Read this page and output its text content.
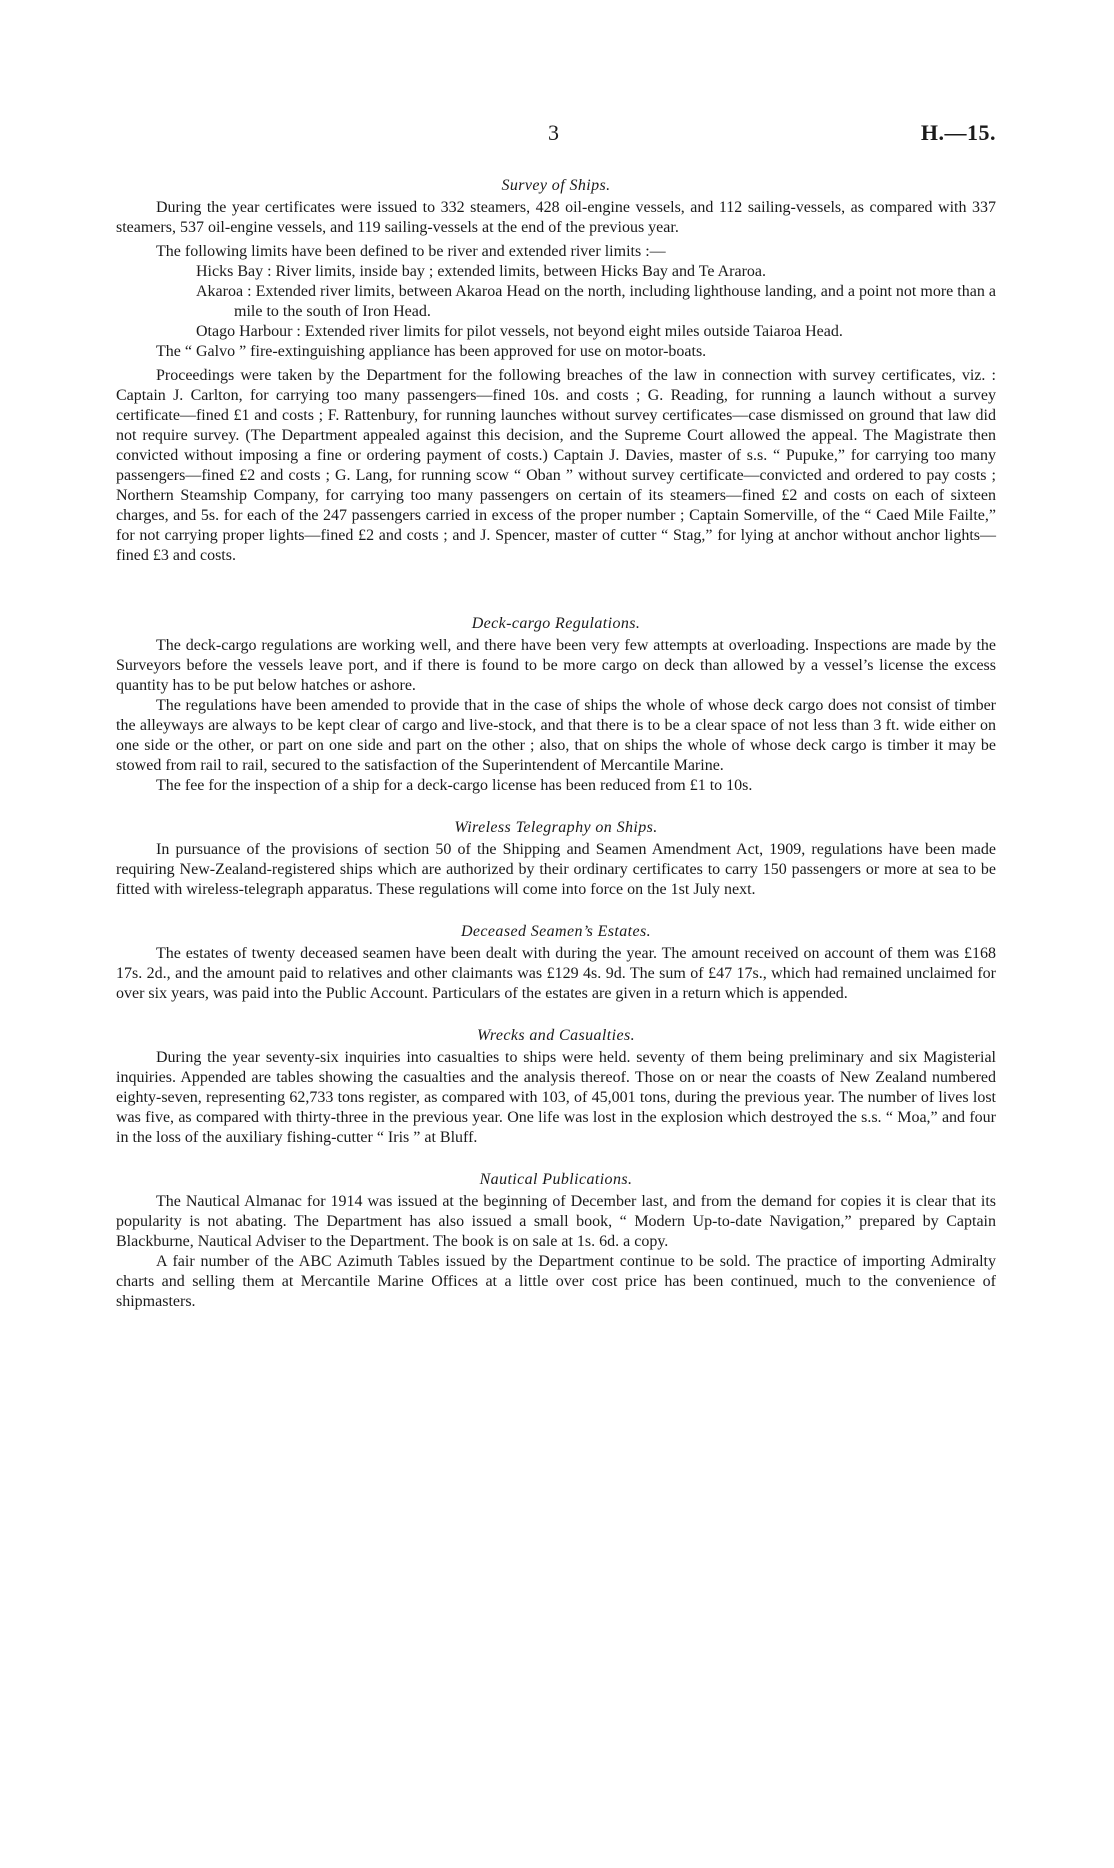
3	H.—15.
Survey of Ships.

During the year certificates were issued to 332 steamers, 428 oil-engine vessels, and 112 sailing-vessels, as compared with 337 steamers, 537 oil-engine vessels, and 119 sailing-vessels at the end of the previous year.

The following limits have been defined to be river and extended river limits :—

Hicks Bay : River limits, inside bay ; extended limits, between Hicks Bay and Te Araroa.
Akaroa : Extended river limits, between Akaroa Head on the north, including lighthouse landing, and a point not more than a mile to the south of Iron Head.
Otago Harbour : Extended river limits for pilot vessels, not beyond eight miles outside Taiaroa Head.

The “ Galvo ” fire-extinguishing appliance has been approved for use on motor-boats.

Proceedings were taken by the Department for the following breaches of the law in connection with survey certificates, viz. : Captain J. Carlton, for carrying too many passengers—fined 10s. and costs ; G. Reading, for running a launch without a survey certificate—fined £1 and costs ; F. Rattenbury, for running launches without survey certificates—case dismissed on ground that law did not require survey. (The Department appealed against this decision, and the Supreme Court allowed the appeal. The Magistrate then convicted without imposing a fine or ordering payment of costs.) Captain J. Davies, master of s.s. “ Pupuke,” for carrying too many passengers—fined £2 and costs ; G. Lang, for running scow “ Oban ” without survey certificate—convicted and ordered to pay costs ; Northern Steamship Company, for carrying too many passengers on certain of its steamers—fined £2 and costs on each of sixteen charges, and 5s. for each of the 247 passengers carried in excess of the proper number ; Captain Somerville, of the “ Caed Mile Failte,” for not carrying proper lights—fined £2 and costs ; and J. Spencer, master of cutter “ Stag,” for lying at anchor without anchor lights—fined £3 and costs.

Deck-cargo Regulations.

The deck-cargo regulations are working well, and there have been very few attempts at overloading. Inspections are made by the Surveyors before the vessels leave port, and if there is found to be more cargo on deck than allowed by a vessel’s license the excess quantity has to be put below hatches or ashore.

The regulations have been amended to provide that in the case of ships the whole of whose deck cargo does not consist of timber the alleyways are always to be kept clear of cargo and live-stock, and that there is to be a clear space of not less than 3 ft. wide either on one side or the other, or part on one side and part on the other ; also, that on ships the whole of whose deck cargo is timber it may be stowed from rail to rail, secured to the satisfaction of the Superintendent of Mercantile Marine.

The fee for the inspection of a ship for a deck-cargo license has been reduced from £1 to 10s.

Wireless Telegraphy on Ships.

In pursuance of the provisions of section 50 of the Shipping and Seamen Amendment Act, 1909, regulations have been made requiring New-Zealand-registered ships which are authorized by their ordinary certificates to carry 150 passengers or more at sea to be fitted with wireless-telegraph apparatus. These regulations will come into force on the 1st July next.

Deceased Seamen’s Estates.

The estates of twenty deceased seamen have been dealt with during the year. The amount received on account of them was £168 17s. 2d., and the amount paid to relatives and other claimants was £129 4s. 9d. The sum of £47 17s., which had remained unclaimed for over six years, was paid into the Public Account. Particulars of the estates are given in a return which is appended.

Wrecks and Casualties.

During the year seventy-six inquiries into casualties to ships were held. seventy of them being preliminary and six Magisterial inquiries. Appended are tables showing the casualties and the analysis thereof. Those on or near the coasts of New Zealand numbered eighty-seven, representing 62,733 tons register, as compared with 103, of 45,001 tons, during the previous year. The number of lives lost was five, as compared with thirty-three in the previous year. One life was lost in the explosion which destroyed the s.s. “ Moa,” and four in the loss of the auxiliary fishing-cutter “ Iris ” at Bluff.

Nautical Publications.

The Nautical Almanac for 1914 was issued at the beginning of December last, and from the demand for copies it is clear that its popularity is not abating. The Department has also issued a small book, “ Modern Up-to-date Navigation,” prepared by Captain Blackburne, Nautical Adviser to the Department. The book is on sale at 1s. 6d. a copy.

A fair number of the ABC Azimuth Tables issued by the Department continue to be sold. The practice of importing Admiralty charts and selling them at Mercantile Marine Offices at a little over cost price has been continued, much to the convenience of shipmasters.
